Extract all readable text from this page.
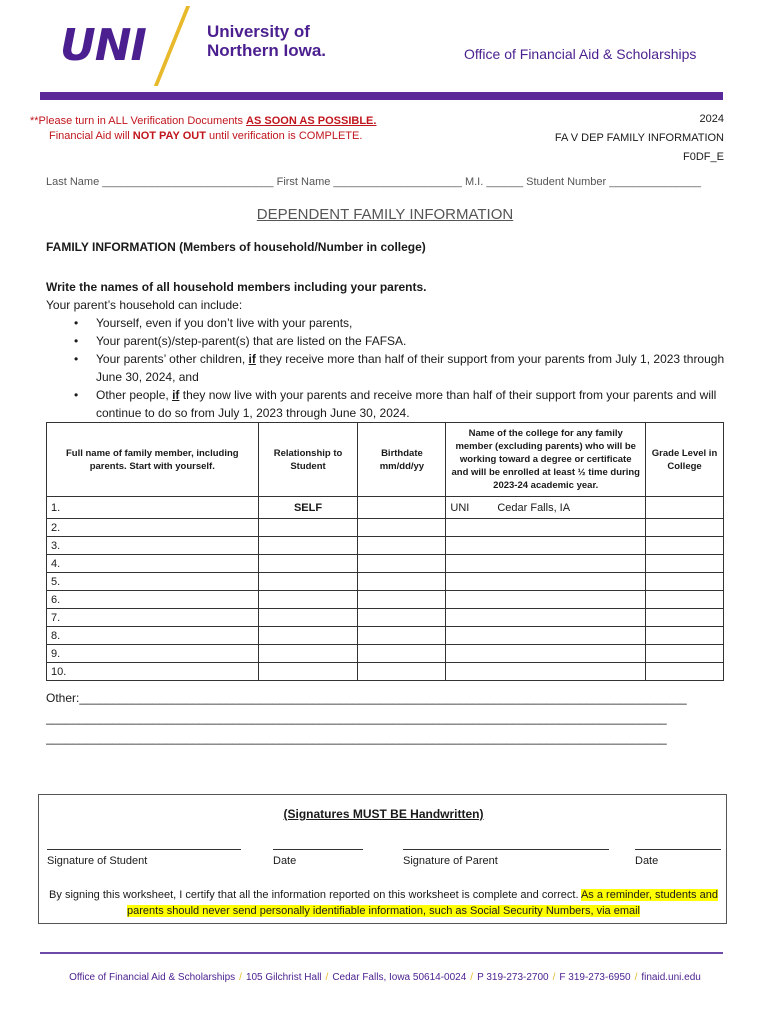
UNI	University of
Northern Iowa.	Office of Financial Aid & Scholarships
**Please turn in ALL Verification Documents AS SOON AS POSSIBLE.
Financial Aid will NOT PAY OUT until verification is COMPLETE.
2024
FA V DEP FAMILY INFORMATION
F0DF_E
Last Name ____________________________ First Name _____________________ M.I. ______ Student Number _______________
DEPENDENT FAMILY INFORMATION
FAMILY INFORMATION (Members of household/Number in college)
Write the names of all household members including your parents.
Your parent’s household can include:
• Yourself, even if you don’t live with your parents,
• Your parent(s)/step-parent(s) that are listed on the FAFSA.
• Your parents’ other children, if they receive more than half of their support from your parents from July 1, 2023 through June 30, 2024, and
• Other people, if they now live with your parents and receive more than half of their support from your parents and will continue to do so from July 1, 2023 through June 30, 2024.
Full name of family member, including parents. Start with yourself.	Relationship to Student	Birthdate mm/dd/yy	Name of the college for any family member (excluding parents) who will be working toward a degree or certificate and will be enrolled at least ½ time during 2023-24 academic year.	Grade Level in College
1.	SELF		UNI Cedar Falls, IA	
2.				
3.				
4.				
5.				
6.				
7.				
8.				
9.				
10.				
Other:___________________________________________________________________________________________
_____________________________________________________________________________________________
_____________________________________________________________________________________________
(Signatures MUST BE Handwritten)
Signature of Student	Date	Signature of Parent	Date
By signing this worksheet, I certify that all the information reported on this worksheet is complete and correct. As a reminder, students and parents should never send personally identifiable information, such as Social Security Numbers, via email
Office of Financial Aid & Scholarships / 105 Gilchrist Hall / Cedar Falls, Iowa 50614-0024 / P 319-273-2700 / F 319-273-6950 / finaid.uni.edu
